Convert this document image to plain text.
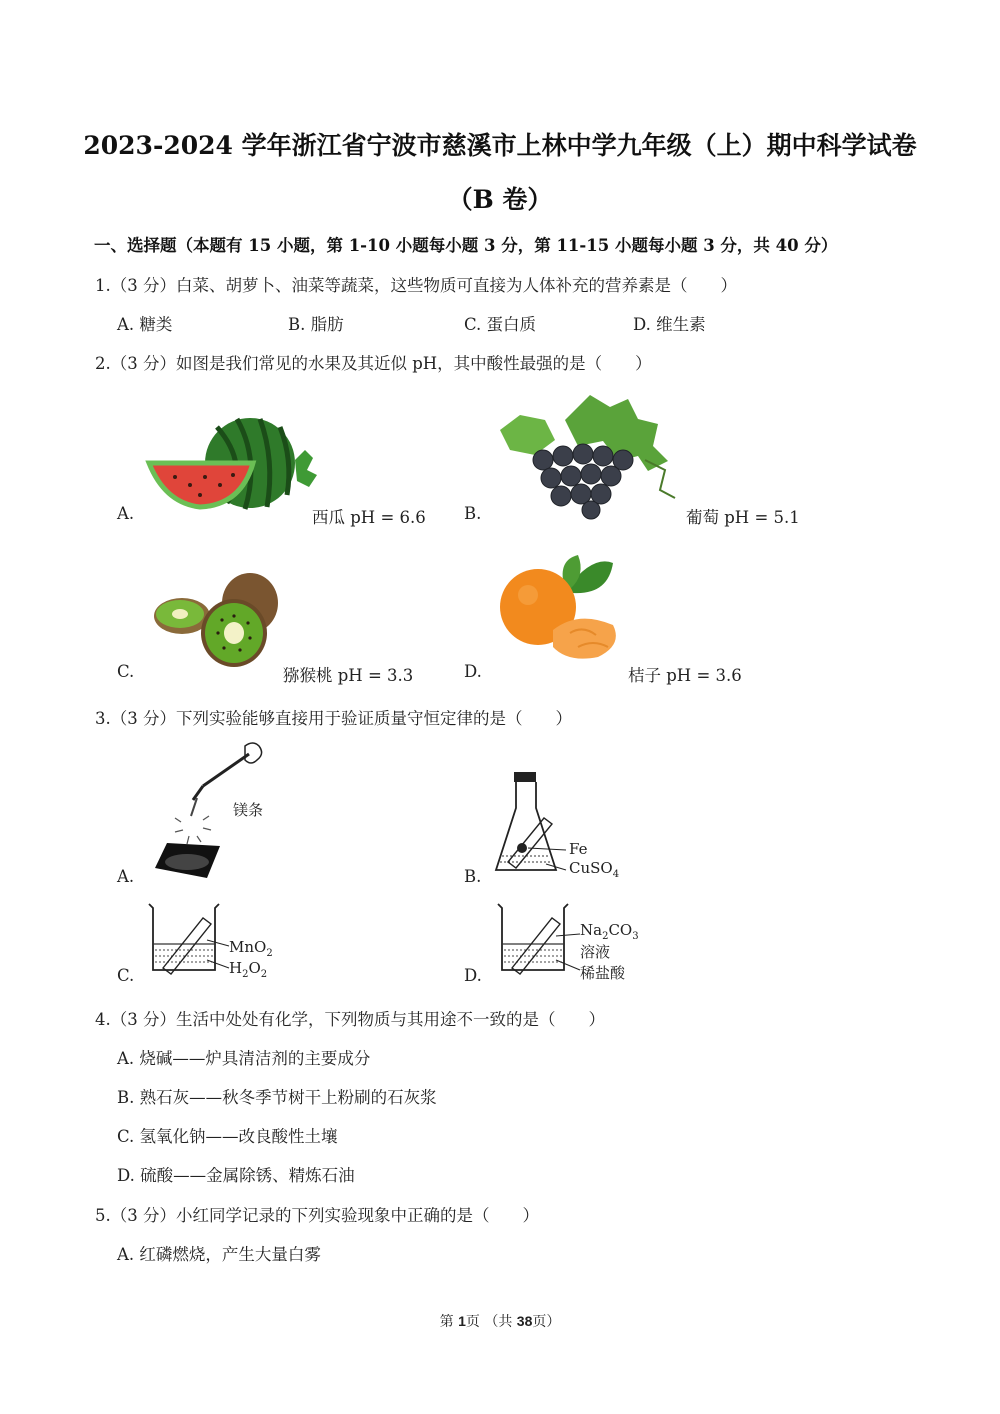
2023-2024 学年浙江省宁波市慈溪市上林中学九年级（上）期中科学试卷
（B 卷）
一、选择题（本题有 15 小题，第 1-10 小题每小题 3 分，第 11-15 小题每小题 3 分，共 40 分）
1.（3 分）白菜、胡萝卜、油菜等蔬菜，这些物质可直接为人体补充的营养素是（　　）
A. 糖类	B. 脂肪	C. 蛋白质	D. 维生素
2.（3 分）如图是我们常见的水果及其近似 pH，其中酸性最强的是（　　）
A.	西瓜 pH = 6.6 B.	葡萄 pH = 5.1
C.	猕猴桃 pH = 3.3	D.	桔子 pH = 3.6
3.（3 分）下列实验能够直接用于验证质量守恒定律的是（　　）
A.
镁条
B.
Fe
CuSO$_4$
C.
MnO$_2$
$H_2O_2$	D.
$Na_2CO_3$
溶液
稀盐酸
4.（3 分）生活中处处有化学，下列物质与其用途不一致的是（　　）
A. 烧碱——炉具清洁剂的主要成分
B. 熟石灰——秋冬季节树干上粉刷的石灰浆
C. 氢氧化钠——改良酸性土壤
D. 硫酸——金属除锈、精炼石油
5.（3 分）小红同学记录的下列实验现象中正确的是（　　）
A. 红磷燃烧，产生大量白雾
第 1页 （共 38页）
